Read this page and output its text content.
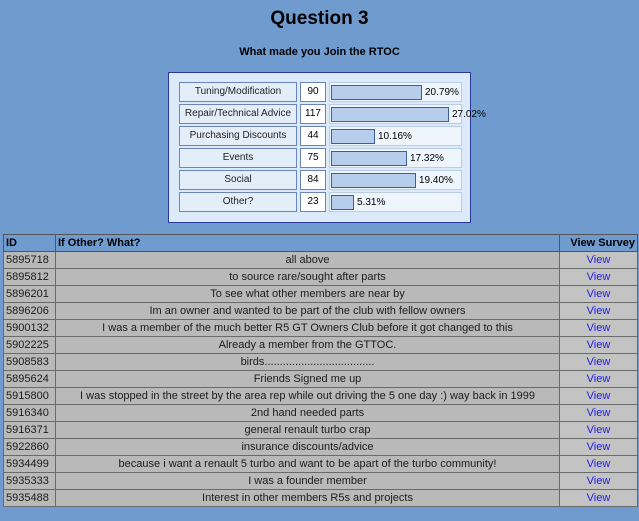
Question 3
What made you Join the RTOC
Tuning/Modification	90	20.79%
Repair/Technical Advice	117	27.02%
Purchasing Discounts	44	10.16%
Events	75	17.32%
Social	84	19.40%
Other?	23	5.31%
ID	If Other? What?	View Survey
5895718	all above	View
5895812	to source rare/sought after parts	View
5896201	To see what other members are near by	View
5896206	Im an owner and wanted to be part of the club with fellow owners	View
5900132	I was a member of the much better R5 GT Owners Club before it got changed to this	View
5902225	Already a member from the GTTOC.	View
5908583	birds....................................	View
5895624	Friends Signed me up	View
5915800	I was stopped in the street by the area rep while out driving the 5 one day :) way back in 1999	View
5916340	2nd hand needed parts	View
5916371	general renault turbo crap	View
5922860	insurance discounts/advice	View
5934499	because i want a renault 5 turbo and want to be apart of the turbo community!	View
5935333	I was a founder member	View
5935488	Interest in other members R5s and projects	View
